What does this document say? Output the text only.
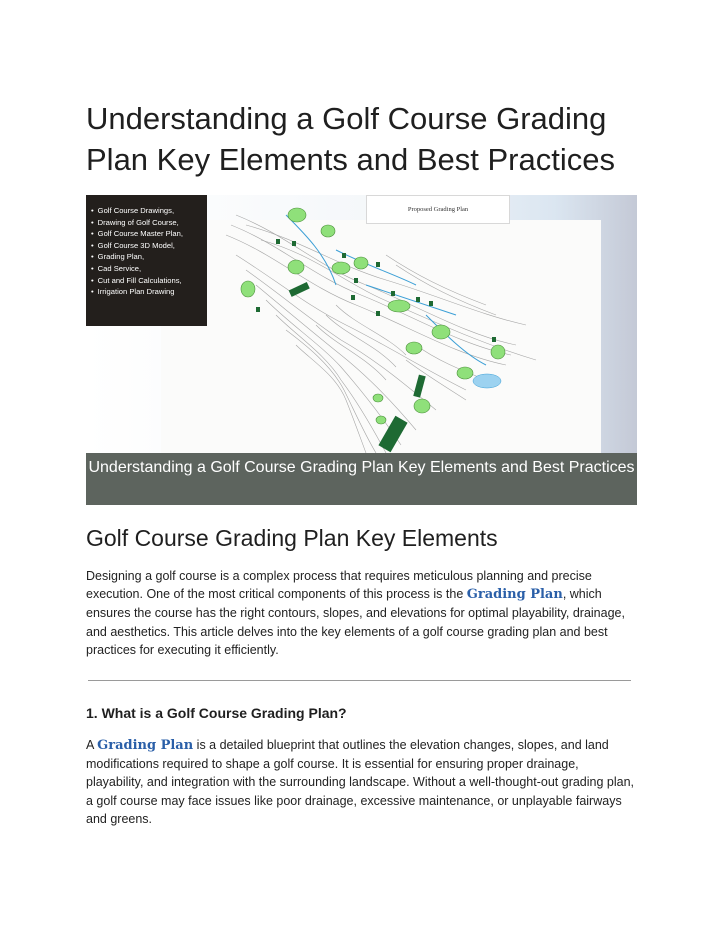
Understanding a Golf Course Grading Plan Key Elements and Best Practices
Proposed Grading Plan
• Golf Course Drawings,
• Drawing of Golf Course,
• Golf Course Master Plan,
• Golf Course 3D Model,
• Grading Plan,
• Cad Service,
• Cut and Fill Calculations,
• Irrigation Plan Drawing
Understanding a Golf Course Grading Plan Key Elements and Best Practices
Golf Course Grading Plan Key Elements

Designing a golf course is a complex process that requires meticulous planning and precise execution. One of the most critical components of this process is the Grading Plan, which ensures the course has the right contours, slopes, and elevations for optimal playability, drainage, and aesthetics. This article delves into the key elements of a golf course grading plan and best practices for executing it efficiently.

1. What is a Golf Course Grading Plan?

A Grading Plan is a detailed blueprint that outlines the elevation changes, slopes, and land modifications required to shape a golf course. It is essential for ensuring proper drainage, playability, and integration with the surrounding landscape. Without a well-thought-out grading plan, a golf course may face issues like poor drainage, excessive maintenance, or unplayable fairways and greens.
